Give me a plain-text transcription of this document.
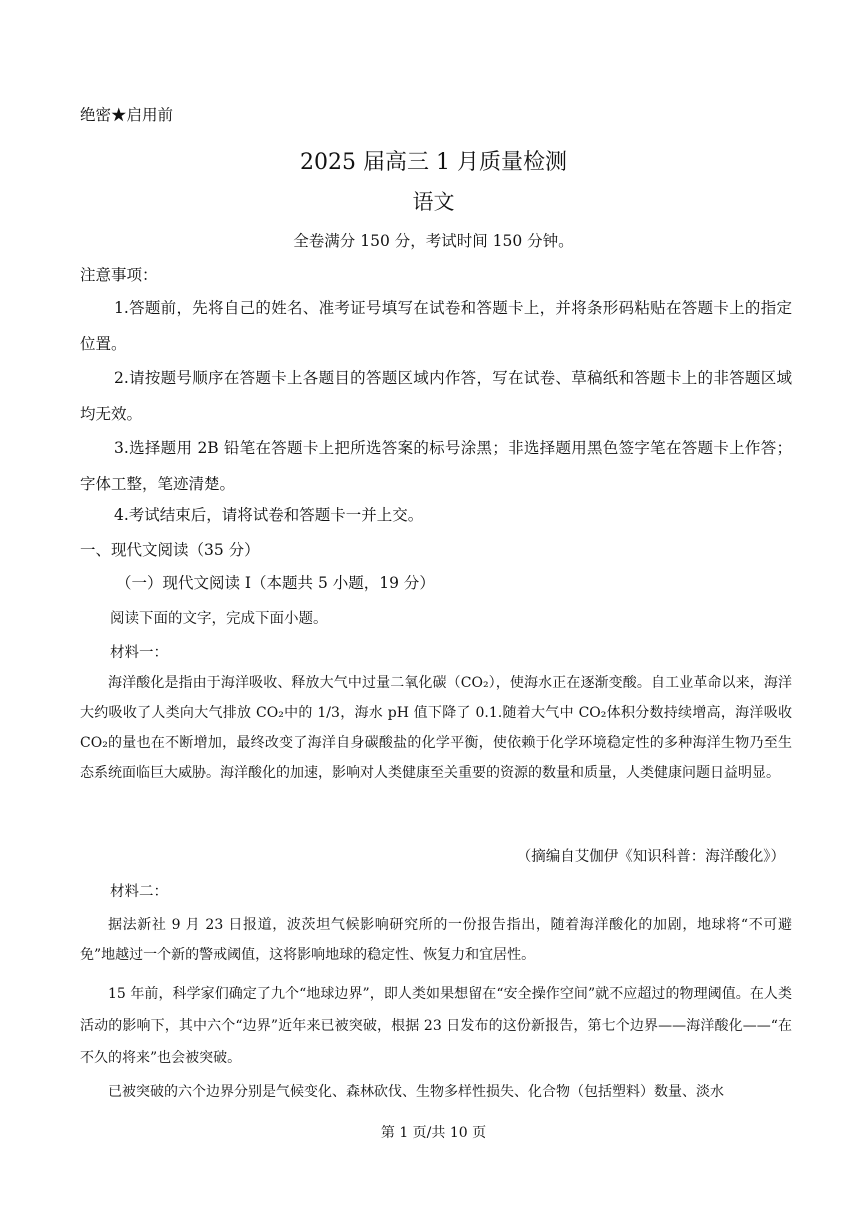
绝密★启用前
2025 届高三 1 月质量检测
语文
全卷满分 150 分，考试时间 150 分钟。
注意事项：
1.答题前，先将自己的姓名、准考证号填写在试卷和答题卡上，并将条形码粘贴在答题卡上的指定位置。
2.请按题号顺序在答题卡上各题目的答题区域内作答，写在试卷、草稿纸和答题卡上的非答题区域均无效。
3.选择题用 2B 铅笔在答题卡上把所选答案的标号涂黑；非选择题用黑色签字笔在答题卡上作答；字体工整，笔迹清楚。
4.考试结束后，请将试卷和答题卡一并上交。
一、现代文阅读（35 分）
（一）现代文阅读 I（本题共 5 小题，19 分）
阅读下面的文字，完成下面小题。
材料一：
海洋酸化是指由于海洋吸收、释放大气中过量二氧化碳（CO₂），使海水正在逐渐变酸。自工业革命以来，海洋大约吸收了人类向大气排放 CO₂中的 1/3，海水 pH 值下降了 0.1.随着大气中 CO₂体积分数持续增高，海洋吸收 CO₂的量也在不断增加，最终改变了海洋自身碳酸盐的化学平衡，使依赖于化学环境稳定性的多种海洋生物乃至生态系统面临巨大威胁。海洋酸化的加速，影响对人类健康至关重要的资源的数量和质量，人类健康问题日益明显。
（摘编自艾伽伊《知识科普：海洋酸化》）
材料二：
据法新社 9 月 23 日报道，波茨坦气候影响研究所的一份报告指出，随着海洋酸化的加剧，地球将“不可避免”地越过一个新的警戒阈值，这将影响地球的稳定性、恢复力和宜居性。
15 年前，科学家们确定了九个“地球边界”，即人类如果想留在“安全操作空间”就不应超过的物理阈值。在人类活动的影响下，其中六个“边界”近年来已被突破，根据 23 日发布的这份新报告，第七个边界——海洋酸化——“在不久的将来”也会被突破。
已被突破的六个边界分别是气候变化、森林砍伐、生物多样性损失、化合物（包括塑料）数量、淡水
第 1 页/共 10 页
